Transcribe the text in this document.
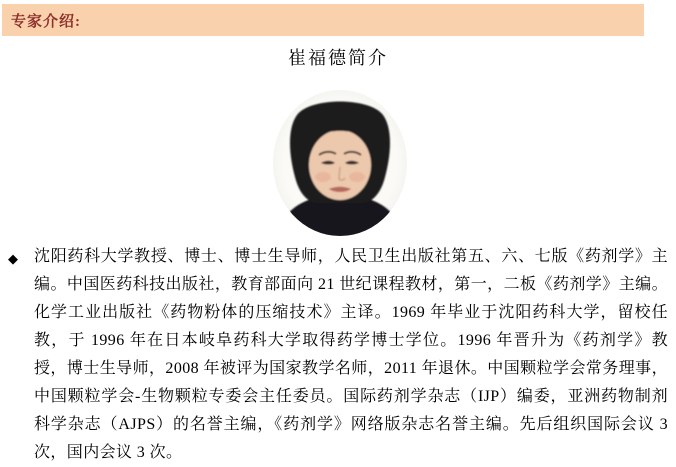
专家介绍:
崔福德简介
◆ 沈阳药科大学教授、博士、博士生导师，人民卫生出版社第五、六、七版《药剂学》主编。中国医药科技出版社，教育部面向 21 世纪课程教材，第一，二板《药剂学》主编。化学工业出版社《药物粉体的压缩技术》主译。1969 年毕业于沈阳药科大学，留校任教，于 1996 年在日本岐阜药科大学取得药学博士学位。1996 年晋升为《药剂学》教授，博士生导师，2008 年被评为国家教学名师，2011 年退休。中国颗粒学会常务理事，中国颗粒学会-生物颗粒专委会主任委员。国际药剂学杂志（IJP）编委，亚洲药物制剂科学杂志（AJPS）的名誉主编，《药剂学》网络版杂志名誉主编。先后组织国际会议 3 次，国内会议 3 次。
